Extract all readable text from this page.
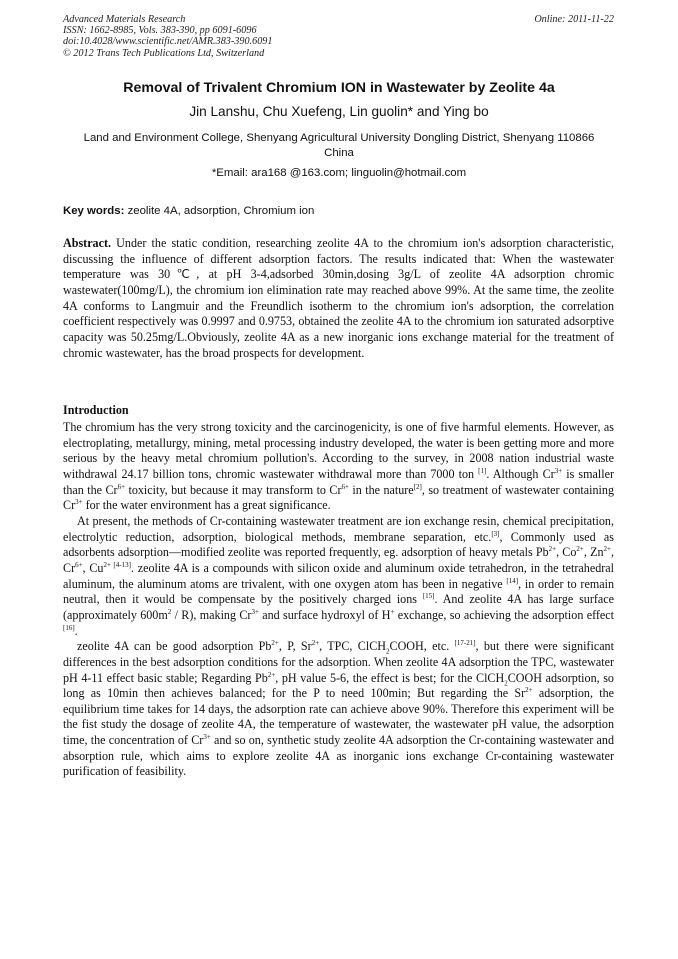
Advanced Materials Research
ISSN: 1662-8985, Vols. 383-390, pp 6091-6096
doi:10.4028/www.scientific.net/AMR.383-390.6091
© 2012 Trans Tech Publications Ltd, Switzerland
Online: 2011-11-22
Removal of Trivalent Chromium ION in Wastewater by Zeolite 4a
Jin Lanshu, Chu Xuefeng, Lin guolin* and Ying bo
Land and Environment College, Shenyang Agricultural University Dongling District, Shenyang 110866 China
*Email: ara168 @163.com; linguolin@hotmail.com
Key words: zeolite 4A, adsorption, Chromium ion

Abstract. Under the static condition, researching zeolite 4A to the chromium ion's adsorption characteristic, discussing the influence of different adsorption factors. The results indicated that: When the wastewater temperature was 30℃, at pH 3-4,adsorbed 30min,dosing 3g/L of zeolite 4A adsorption chromic wastewater(100mg/L), the chromium ion elimination rate may reached above 99%. At the same time, the zeolite 4A conforms to Langmuir and the Freundlich isotherm to the chromium ion's adsorption, the correlation coefficient respectively was 0.9997 and 0.9753, obtained the zeolite 4A to the chromium ion saturated adsorptive capacity was 50.25mg/L.Obviously, zeolite 4A as a new inorganic ions exchange material for the treatment of chromic wastewater, has the broad prospects for development.

Introduction

The chromium has the very strong toxicity and the carcinogenicity, is one of five harmful elements. However, as electroplating, metallurgy, mining, metal processing industry developed, the water is been getting more and more serious by the heavy metal chromium pollution's. According to the survey, in 2008 nation industrial waste withdrawal 24.17 billion tons, chromic wastewater withdrawal more than 7000 ton [1]. Although $Cr^{3+}$ is smaller than the $Cr^{6+}$ toxicity, but because it may transform to $Cr^{6+}$ in the nature[2], so treatment of wastewater containing $Cr^{3+}$ for the water environment has a great significance.

At present, the methods of Cr-containing wastewater treatment are ion exchange resin, chemical precipitation, electrolytic reduction, adsorption, biological methods, membrane separation, etc.[3], Commonly used as adsorbents adsorption—modified zeolite was reported frequently, eg. adsorption of heavy metals $Pb^{2+}$, $Co^{2+}$, $Zn^{2+}$, $Cr^{6+}$, $Cu^{2+}$ [4-13]. zeolite 4A is a compounds with silicon oxide and aluminum oxide tetrahedron, in the tetrahedral aluminum, the aluminum atoms are trivalent, with one oxygen atom has been in negative [14], in order to remain neutral, then it would be compensate by the positively charged ions [15]. And zeolite 4A has large surface (approximately $600m^2 / R$), making $Cr^{3+}$ and surface hydroxyl of H+ exchange, so achieving the adsorption effect [16].

zeolite 4A can be good adsorption $Pb^{2+}$, P, $Sr^{2+}$, TPC, ClCH$_2$COOH, etc. [17-21], but there were significant differences in the best adsorption conditions for the adsorption. When zeolite 4A adsorption the TPC, wastewater pH 4-11 effect basic stable; Regarding $Pb^{2+}$, pH value 5-6, the effect is best; for the ClCH$_2$COOH adsorption, so long as 10min then achieves balanced; for the P to need 100min; But regarding the $Sr^{2+}$ adsorption, the equilibrium time takes for 14 days, the adsorption rate can achieve above 90%. Therefore this experiment will be the fist study the dosage of zeolite 4A, the temperature of wastewater, the wastewater pH value, the adsorption time, the concentration of $Cr^{3+}$ and so on, synthetic study zeolite 4A adsorption the Cr-containing wastewater and absorption rule, which aims to explore zeolite 4A as inorganic ions exchange Cr-containing wastewater purification of feasibility.
